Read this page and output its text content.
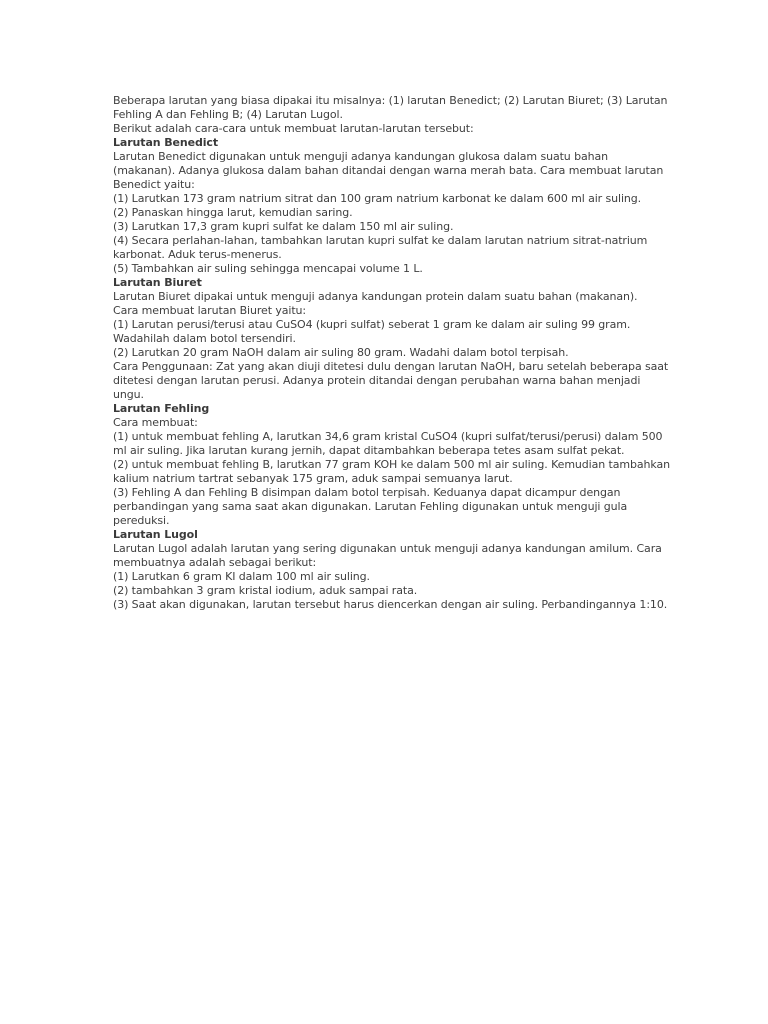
Beberapa larutan yang biasa dipakai itu misalnya: (1) larutan Benedict; (2) Larutan Biuret; (3) Larutan Fehling A dan Fehling B; (4) Larutan Lugol.

Berikut adalah cara-cara untuk membuat larutan-larutan tersebut:

Larutan Benedict

Larutan Benedict digunakan untuk menguji adanya kandungan glukosa dalam suatu bahan (makanan). Adanya glukosa dalam bahan ditandai dengan warna merah bata. Cara membuat larutan Benedict yaitu:

(1) Larutkan 173 gram natrium sitrat dan 100 gram natrium karbonat ke dalam 600 ml air suling.

(2) Panaskan hingga larut, kemudian saring.

(3) Larutkan 17,3 gram kupri sulfat ke dalam 150 ml air suling.

(4) Secara perlahan-lahan, tambahkan larutan kupri sulfat ke dalam larutan natrium sitrat-natrium karbonat. Aduk terus-menerus.

(5) Tambahkan air suling sehingga mencapai volume 1 L.

Larutan Biuret

Larutan Biuret dipakai untuk menguji adanya kandungan protein dalam suatu bahan (makanan).

Cara membuat larutan Biuret yaitu:

(1) Larutan perusi/terusi atau CuSO4 (kupri sulfat) seberat 1 gram ke dalam air suling 99 gram. Wadahilah dalam botol tersendiri.

(2) Larutkan 20 gram NaOH dalam air suling 80 gram. Wadahi dalam botol terpisah.

Cara Penggunaan: Zat yang akan diuji ditetesi dulu dengan larutan NaOH, baru setelah beberapa saat ditetesi dengan larutan perusi. Adanya protein ditandai dengan perubahan warna bahan menjadi ungu.

Larutan Fehling

Cara membuat:

(1) untuk membuat fehling A, larutkan 34,6 gram kristal CuSO4 (kupri sulfat/terusi/perusi) dalam 500 ml air suling. Jika larutan kurang jernih, dapat ditambahkan beberapa tetes asam sulfat pekat.

(2) untuk membuat fehling B, larutkan 77 gram KOH ke dalam 500 ml air suling. Kemudian tambahkan kalium natrium tartrat sebanyak 175 gram, aduk sampai semuanya larut.

(3) Fehling A dan Fehling B disimpan dalam botol terpisah. Keduanya dapat dicampur dengan perbandingan yang sama saat akan digunakan. Larutan Fehling digunakan untuk menguji gula pereduksi.

Larutan Lugol

Larutan Lugol adalah larutan yang sering digunakan untuk menguji adanya kandungan amilum. Cara membuatnya adalah sebagai berikut:

(1) Larutkan 6 gram KI dalam 100 ml air suling.

(2) tambahkan 3 gram kristal iodium, aduk sampai rata.

(3) Saat akan digunakan, larutan tersebut harus diencerkan dengan air suling. Perbandingannya 1:10.
